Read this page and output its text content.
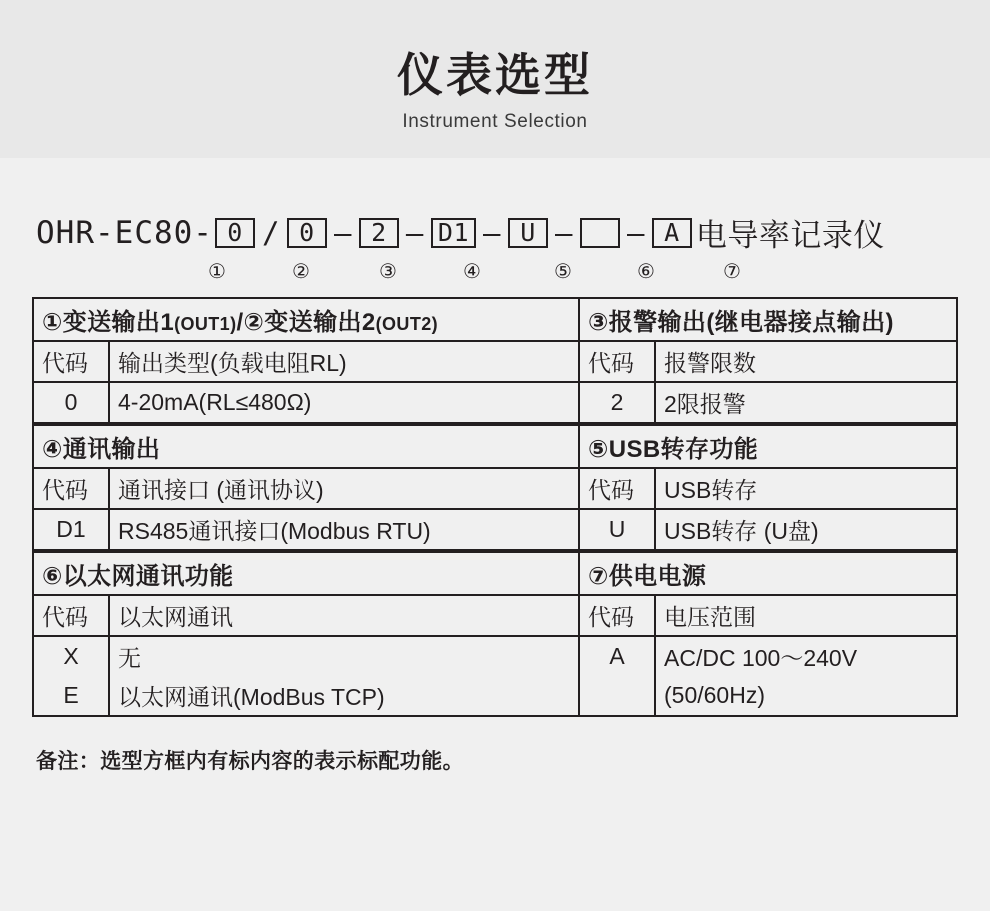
仪表选型
Instrument Selection
OHR-EC80- 0 / 0 – 2 – D1 – U – – A 电导率记录仪
①	②	③	④	⑤	⑥	⑦
①变送输出1(OUT1)/②变送输出2(OUT2)		③报警输出(继电器接点输出)	
代码	输出类型(负载电阻RL)	代码	报警限数
0	4-20mA(RL≤480Ω)	2	2限报警
④通讯输出		⑤USB转存功能	
代码	通讯接口 (通讯协议)	代码	USB转存
D1	RS485通讯接口(Modbus RTU)	U	USB转存 (U盘)
⑥以太网通讯功能		⑦供电电源	
代码	以太网通讯	代码	电压范围
X	无	A	AC/DC 100～240V
E	以太网通讯(ModBus TCP)		(50/60Hz)
备注：选型方框内有标内容的表示标配功能。
